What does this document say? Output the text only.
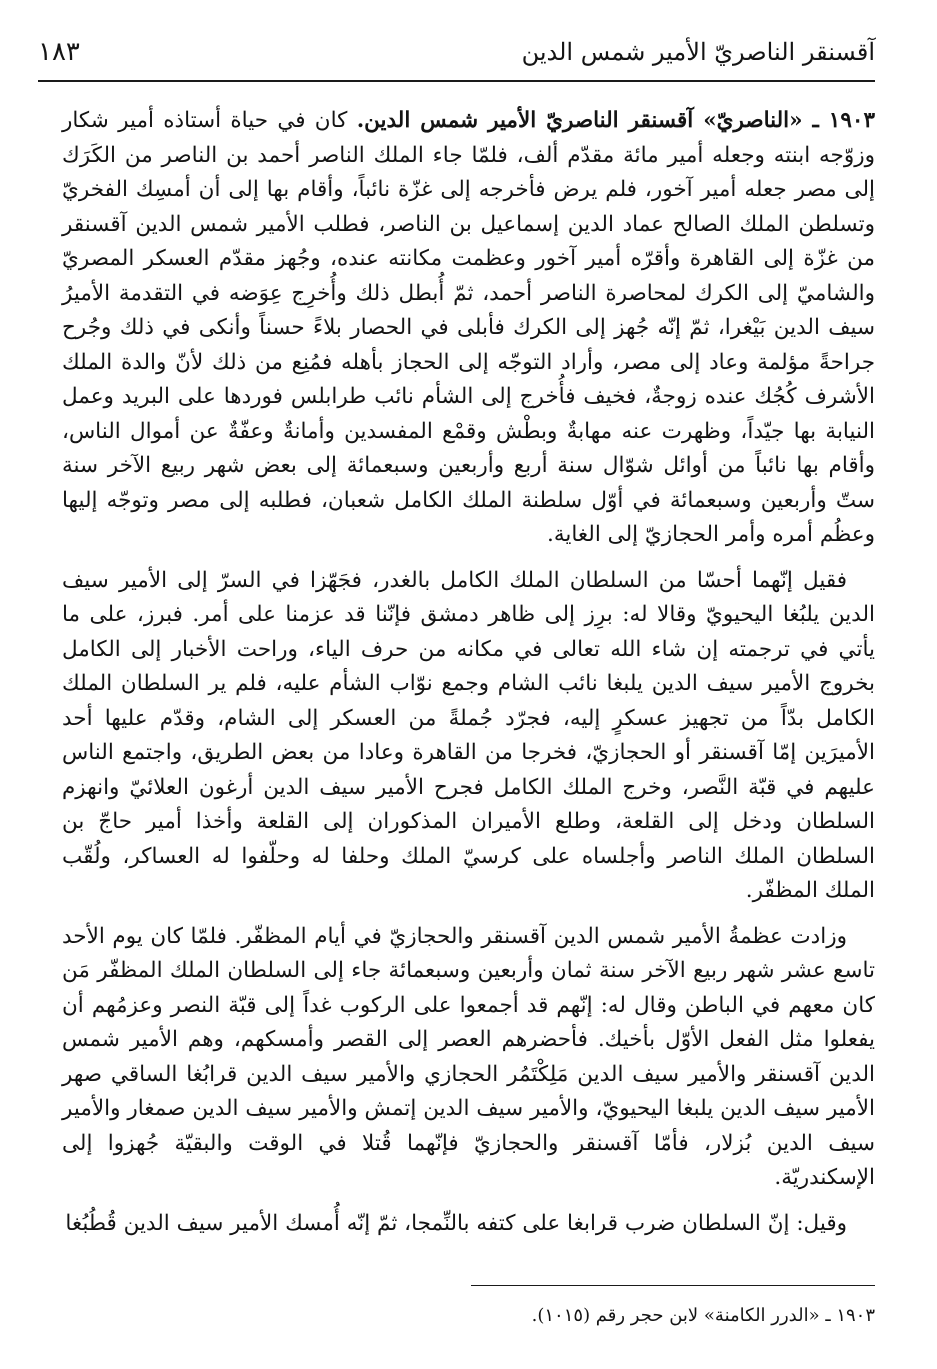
آقسنقر الناصريّ الأمير شمس الدين
١٨٣

١٩٠٣ ـ «الناصريّ» آقسنقر الناصريّ الأمير شمس الدين. كان في حياة أستاذه أمير شكار وزوّجه ابنته وجعله أمير مائة مقدّم ألف، فلمّا جاء الملك الناصر أحمد بن الناصر من الكَرَك إلى مصر جعله أمير آخور، فلم يرض فأخرجه إلى غزّة نائباً، وأقام بها إلى أن أمسِك الفخريّ وتسلطن الملك الصالح عماد الدين إسماعيل بن الناصر، فطلب الأمير شمس الدين آقسنقر من غزّة إلى القاهرة وأقرّه أمير آخور وعظمت مكانته عنده، وجُهز مقدّم العسكر المصريّ والشاميّ إلى الكرك لمحاصرة الناصر أحمد، ثمّ أُبطل ذلك وأُخرِج عِوَضه في التقدمة الأميرُ سيف الدين بَيْغرا، ثمّ إنّه جُهز إلى الكرك فأبلى في الحصار بلاءً حسناً وأنكى في ذلك وجُرح جراحةً مؤلمة وعاد إلى مصر، وأراد التوجّه إلى الحجاز بأهله فمُنِع من ذلك لأنّ والدة الملك الأشرف كُجُك عنده زوجةٌ، فخيف فأُخرج إلى الشأم نائب طرابلس فوردها على البريد وعمل النيابة بها جيّداً، وظهرت عنه مهابةٌ وبطْش وقمْع المفسدين وأمانةٌ وعفّةٌ عن أموال الناس، وأقام بها نائباً من أوائل شوّال سنة أربع وأربعين وسبعمائة إلى بعض شهر ربيع الآخر سنة ستّ وأربعين وسبعمائة في أوّل سلطنة الملك الكامل شعبان، فطلبه إلى مصر وتوجّه إليها وعظُم أمره وأمر الحجازيّ إلى الغاية.

فقيل إنّهما أحسّا من السلطان الملك الكامل بالغدر، فجَهّزا في السرّ إلى الأمير سيف الدين يلبُغا اليحيويّ وقالا له: برِز إلى ظاهر دمشق فإنّنا قد عزمنا على أمر. فبرز، على ما يأتي في ترجمته إن شاء الله تعالى في مكانه من حرف الياء، وراحت الأخبار إلى الكامل بخروج الأمير سيف الدين يلبغا نائب الشام وجمع نوّاب الشأم عليه، فلم ير السلطان الملك الكامل بدّاً من تجهيز عسكرٍ إليه، فجرّد جُملةً من العسكر إلى الشام، وقدّم عليها أحد الأميرَين إمّا آقسنقر أو الحجازيّ، فخرجا من القاهرة وعادا من بعض الطريق، واجتمع الناس عليهم في قبّة النَّصر، وخرج الملك الكامل فجرح الأمير سيف الدين أرغون العلائيّ وانهزم السلطان ودخل إلى القلعة، وطلع الأميران المذكوران إلى القلعة وأخذا أمير حاجّ بن السلطان الملك الناصر وأجلساه على كرسيّ الملك وحلفا له وحلّفوا له العساكر، ولُقّب الملك المظفّر.

وزادت عظمةُ الأمير شمس الدين آقسنقر والحجازيّ في أيام المظفّر. فلمّا كان يوم الأحد تاسع عشر شهر ربيع الآخر سنة ثمان وأربعين وسبعمائة جاء إلى السلطان الملك المظفّر مَن كان معهم في الباطن وقال له: إنّهم قد أجمعوا على الركوب غداً إلى قبّة النصر وعزمُهم أن يفعلوا مثل الفعل الأوّل بأخيك. فأحضرهم العصر إلى القصر وأمسكهم، وهم الأمير شمس الدين آقسنقر والأمير سيف الدين مَلِكْتَمُر الحجازي والأمير سيف الدين قرابُغا الساقي صهر الأمير سيف الدين يلبغا اليحيويّ، والأمير سيف الدين إتمش والأمير سيف الدين صمغار والأمير سيف الدين بُزلار، فأمّا آقسنقر والحجازيّ فإنّهما قُتلا في الوقت والبقيّة جُهزوا إلى الإسكندريّة.

وقيل: إنّ السلطان ضرب قرابغا على كتفه بالنِّمجا، ثمّ إنّه أُمسك الأمير سيف الدين قُطُبُغا

١٩٠٣ ـ «الدرر الكامنة» لابن حجر رقم (١٠١٥).
